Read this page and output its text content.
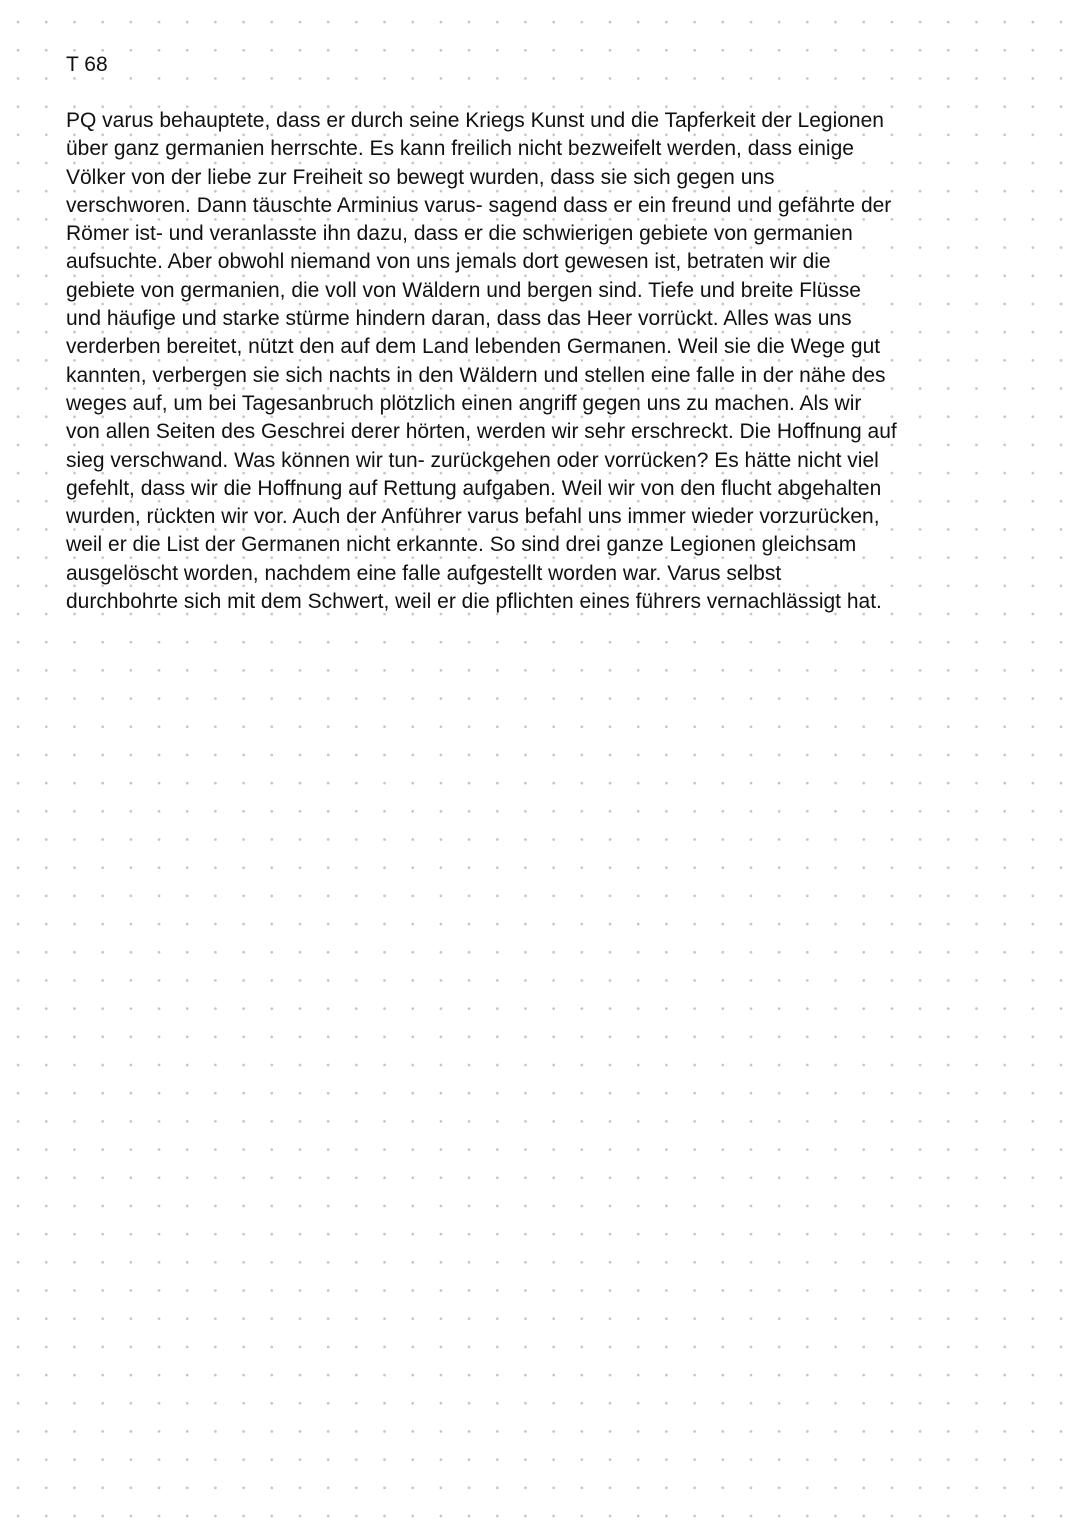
T 68
PQ varus behauptete, dass er durch seine Kriegs Kunst und die Tapferkeit der Legionen
über ganz germanien herrschte. Es kann freilich nicht bezweifelt werden, dass einige
Völker von der liebe zur Freiheit so bewegt wurden, dass sie sich gegen uns
verschworen. Dann täuschte Arminius varus- sagend dass er ein freund und gefährte der
Römer ist- und veranlasste ihn dazu, dass er die schwierigen gebiete von germanien
aufsuchte. Aber obwohl niemand von uns jemals dort gewesen ist, betraten wir die
gebiete von germanien, die voll von Wäldern und bergen sind. Tiefe und breite Flüsse
und häufige und starke stürme hindern daran, dass das Heer vorrückt. Alles was uns
verderben bereitet, nützt den auf dem Land lebenden Germanen. Weil sie die Wege gut
kannten, verbergen sie sich nachts in den Wäldern und stellen eine falle in der nähe des
weges auf, um bei Tagesanbruch plötzlich einen angriff gegen uns zu machen. Als wir
von allen Seiten des Geschrei derer hörten, werden wir sehr erschreckt. Die Hoffnung auf
sieg verschwand. Was können wir tun- zurückgehen oder vorrücken? Es hätte nicht viel
gefehlt, dass wir die Hoffnung auf Rettung aufgaben. Weil wir von den flucht abgehalten
wurden, rückten wir vor. Auch der Anführer varus befahl uns immer wieder vorzurücken,
weil er die List der Germanen nicht erkannte. So sind drei ganze Legionen gleichsam
ausgelöscht worden, nachdem eine falle aufgestellt worden war. Varus selbst
durchbohrte sich mit dem Schwert, weil er die pflichten eines führers vernachlässigt hat.
